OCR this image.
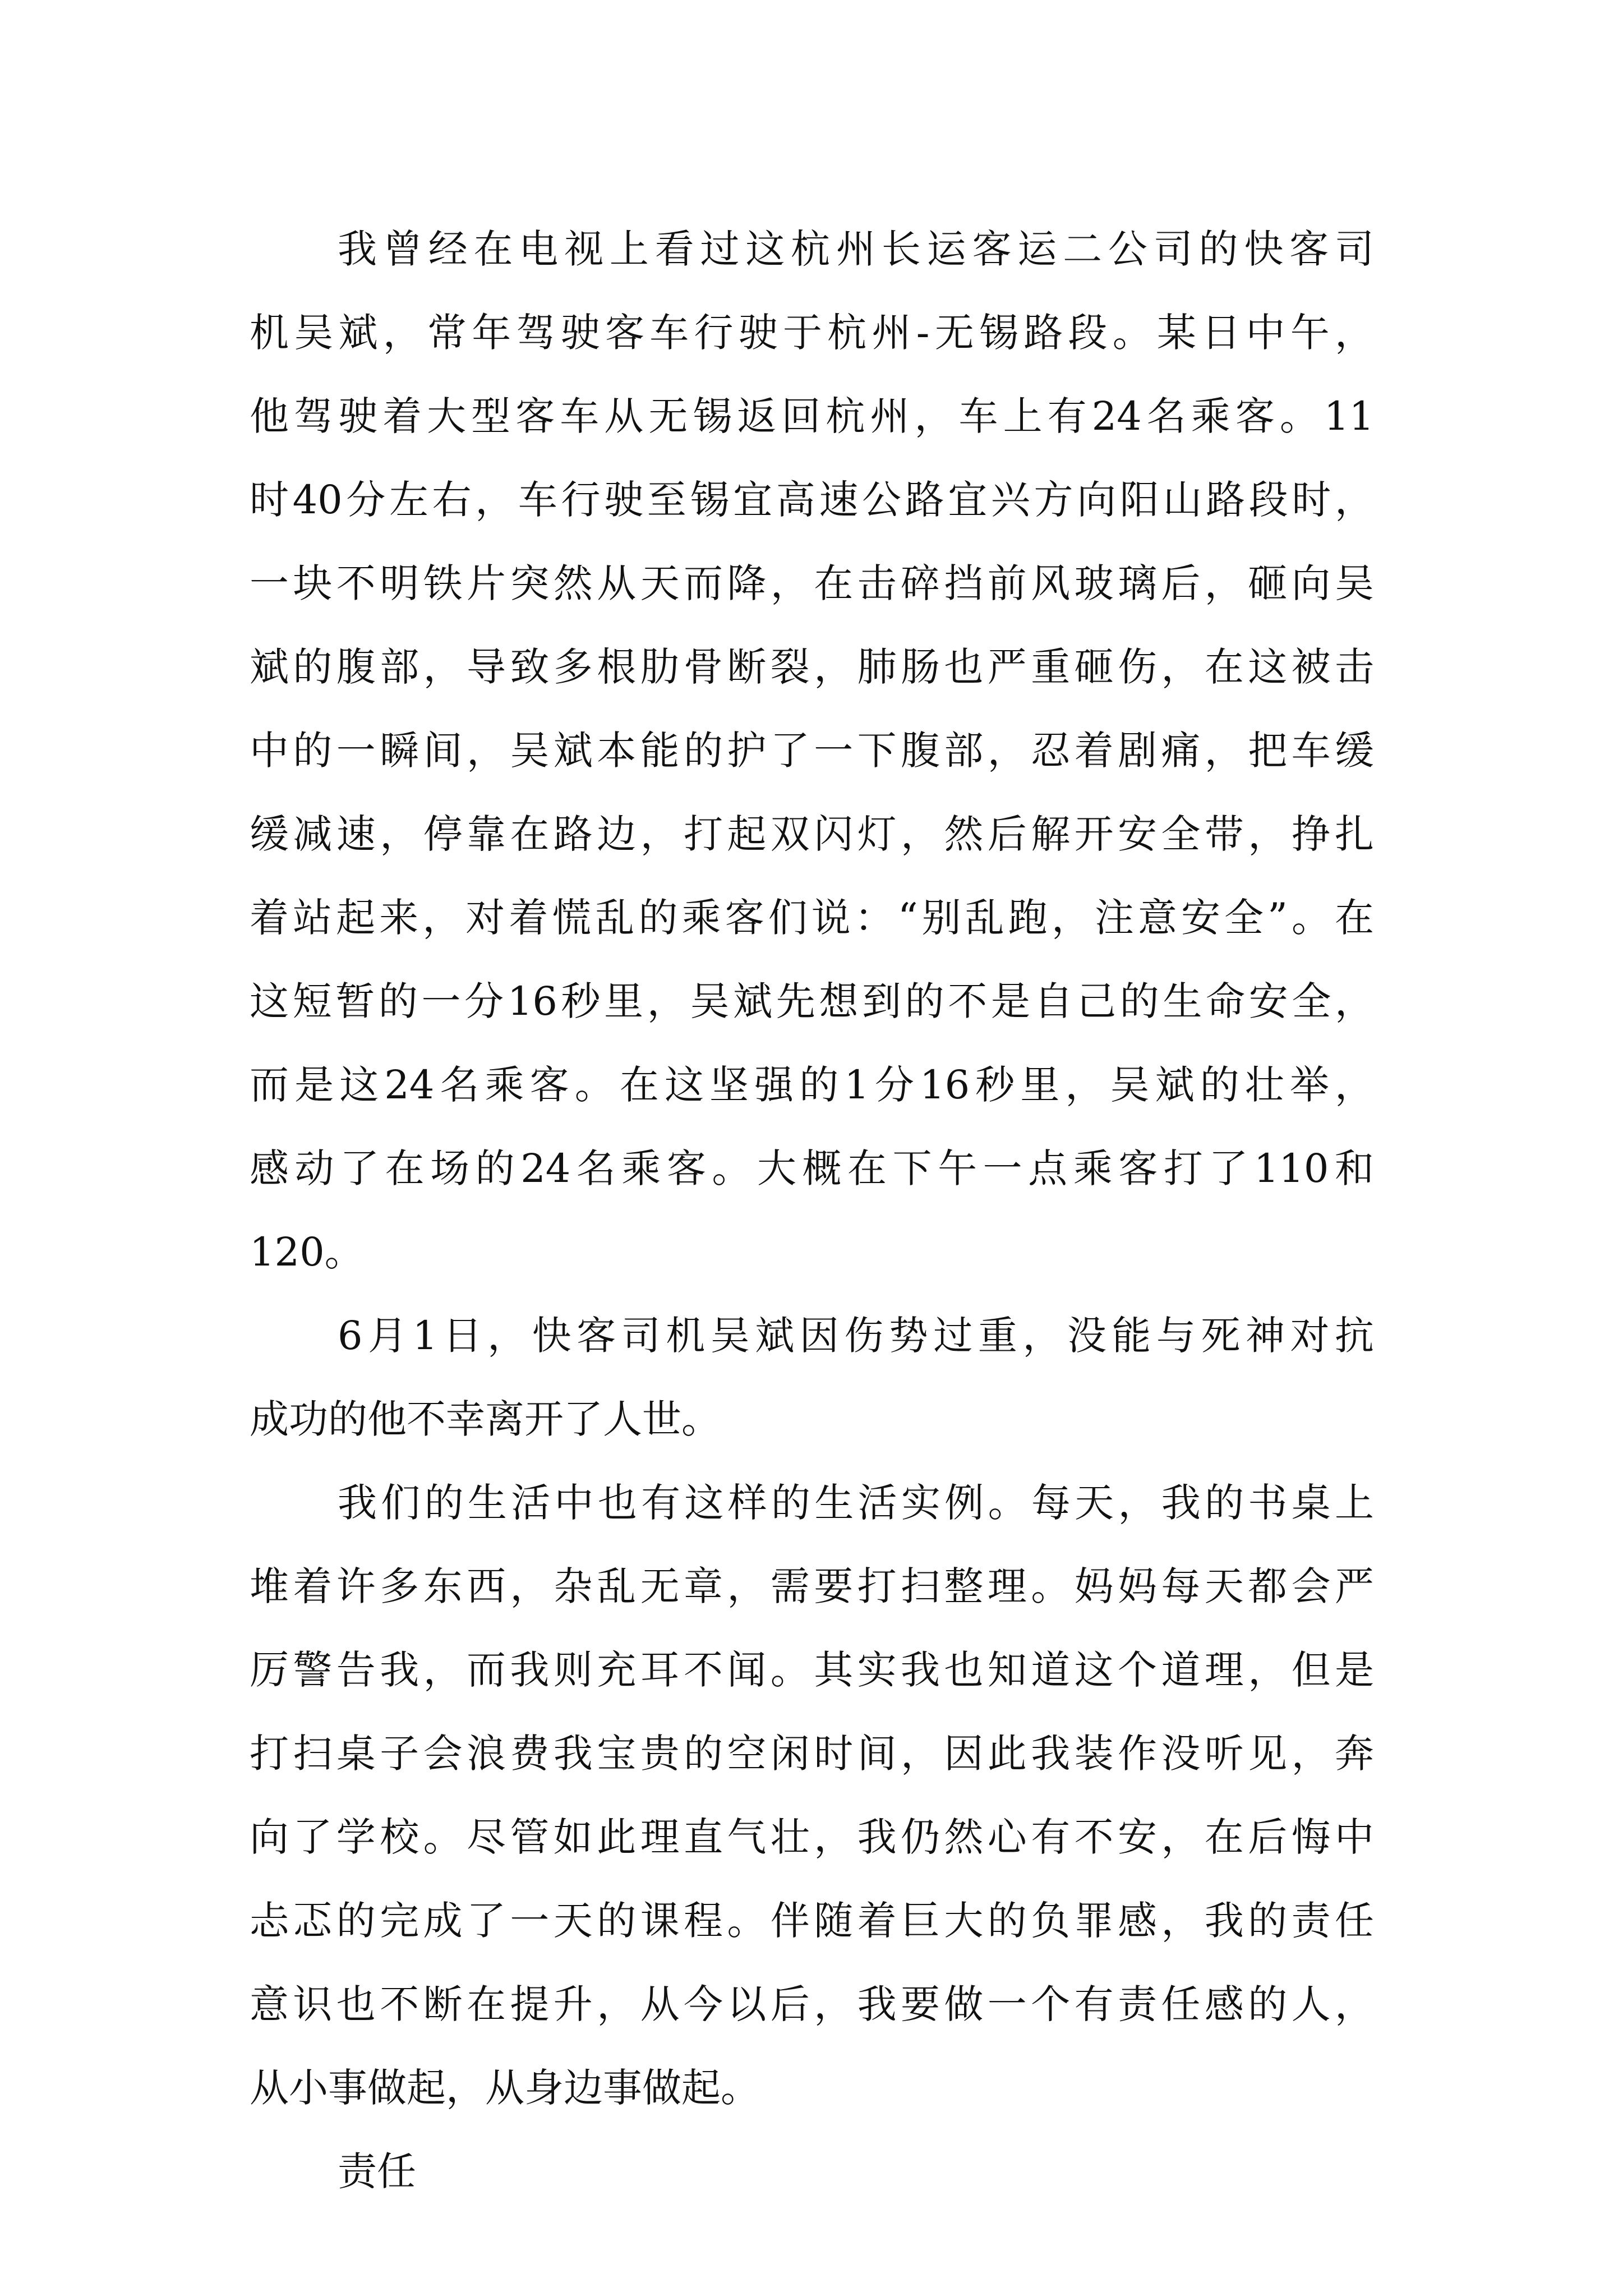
我曾经在电视上看过这杭州长运客运二公司的快客司
机吴斌，常年驾驶客车行驶于杭州-无锡路段。某日中午，
他驾驶着大型客车从无锡返回杭州，车上有24名乘客。11
时40分左右，车行驶至锡宜高速公路宜兴方向阳山路段时，
一块不明铁片突然从天而降，在击碎挡前风玻璃后，砸向吴
斌的腹部，导致多根肋骨断裂，肺肠也严重砸伤，在这被击
中的一瞬间，吴斌本能的护了一下腹部，忍着剧痛，把车缓
缓减速，停靠在路边，打起双闪灯，然后解开安全带，挣扎
着站起来，对着慌乱的乘客们说：“别乱跑，注意安全”。在
这短暂的一分16秒里，吴斌先想到的不是自己的生命安全，
而是这24名乘客。在这坚强的1分16秒里，吴斌的壮举，
感动了在场的24名乘客。大概在下午一点乘客打了110和
120。
6月1日，快客司机吴斌因伤势过重，没能与死神对抗
成功的他不幸离开了人世。
我们的生活中也有这样的生活实例。每天，我的书桌上
堆着许多东西，杂乱无章，需要打扫整理。妈妈每天都会严
厉警告我，而我则充耳不闻。其实我也知道这个道理，但是
打扫桌子会浪费我宝贵的空闲时间，因此我装作没听见，奔
向了学校。尽管如此理直气壮，我仍然心有不安，在后悔中
忐忑的完成了一天的课程。伴随着巨大的负罪感，我的责任
意识也不断在提升，从今以后，我要做一个有责任感的人，
从小事做起，从身边事做起。
责任
